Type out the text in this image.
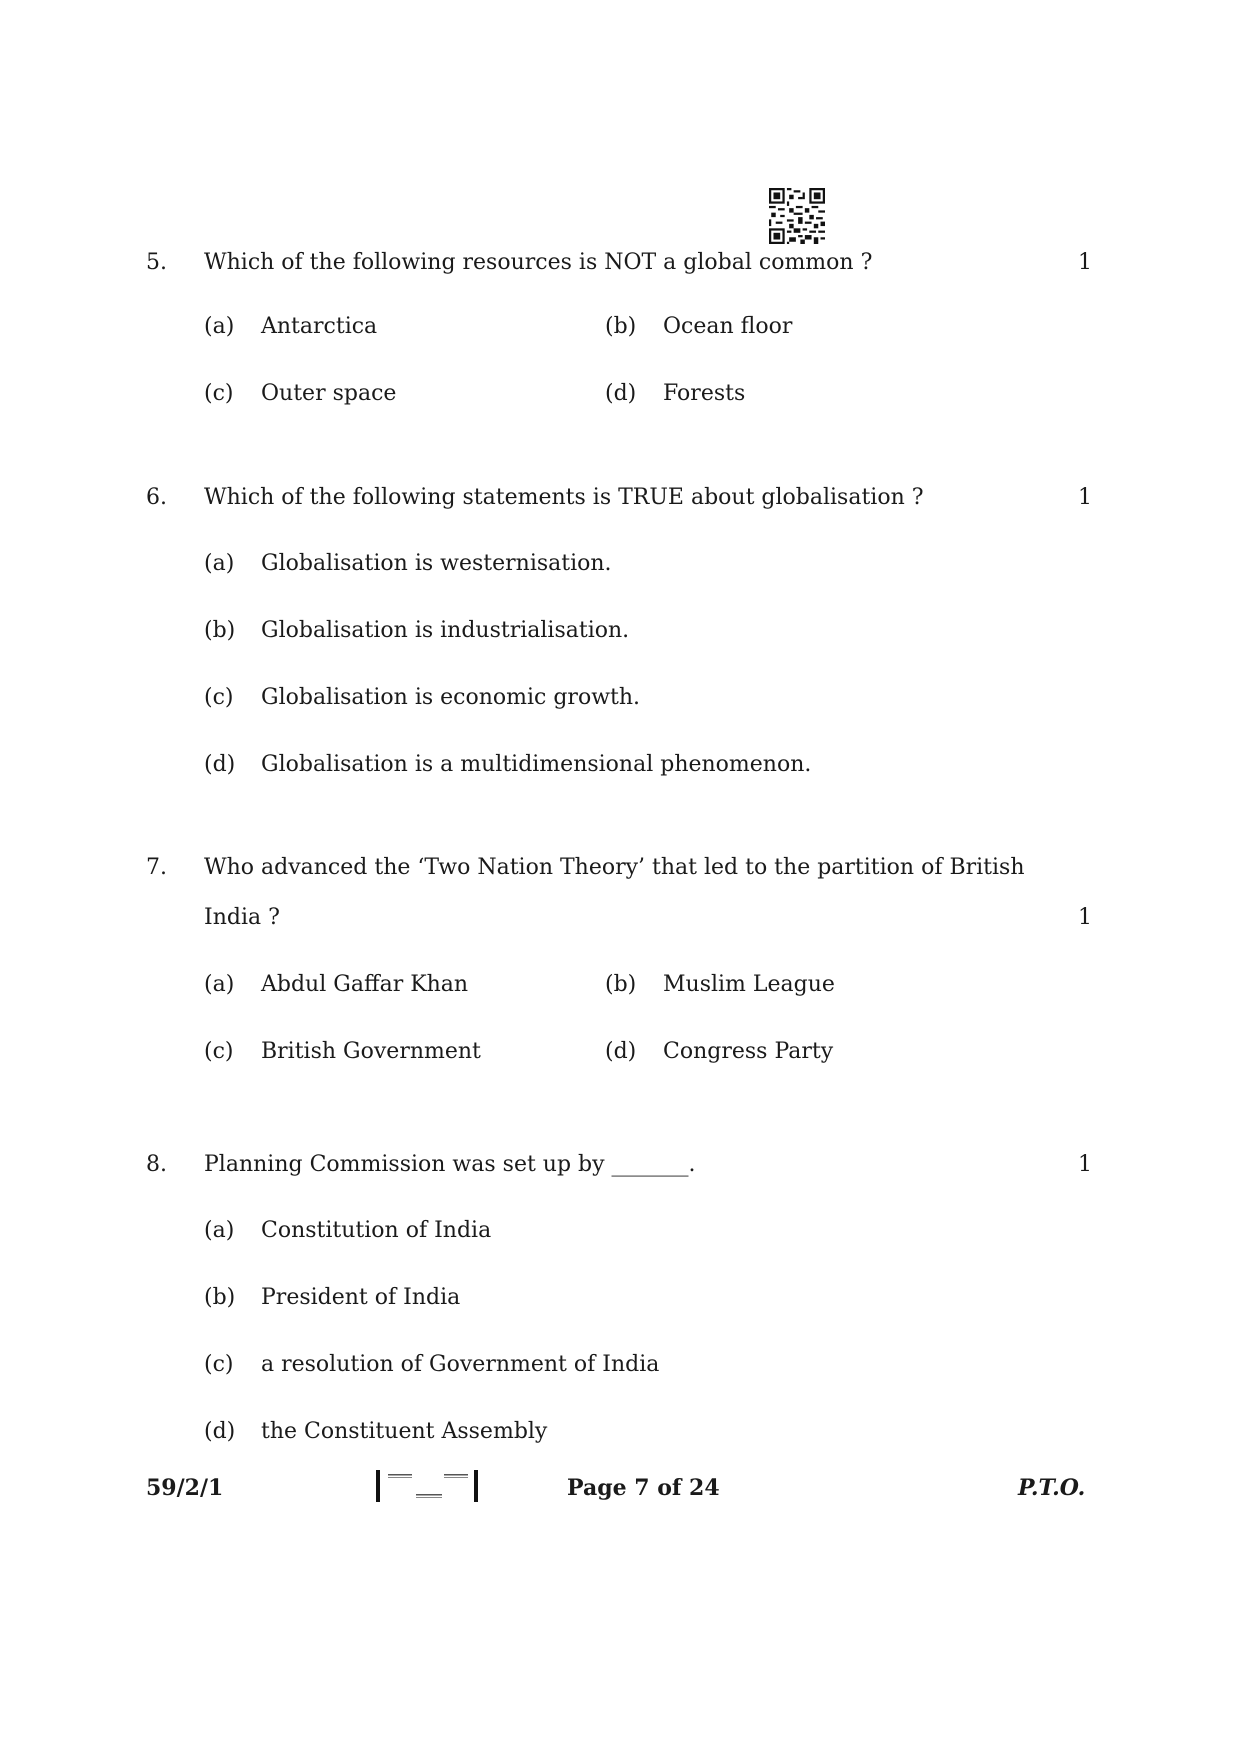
5. Which of the following resources is NOT a global common ?	1
(a) Antarctica	(b) Ocean floor
(c) Outer space	(d) Forests
6. Which of the following statements is TRUE about globalisation ?	1
(a) Globalisation is westernisation.
(b) Globalisation is industrialisation.
(c) Globalisation is economic growth.
(d) Globalisation is a multidimensional phenomenon.
7. Who advanced the ‘Two Nation Theory’ that led to the partition of British
India ?	1
(a) Abdul Gaffar Khan	(b) Muslim League
(c) British Government	(d) Congress Party
8. Planning Commission was set up by _______.	1
(a) Constitution of India
(b) President of India
(c) a resolution of Government of India
(d) the Constituent Assembly
59/2/1	Page 7 of 24	P.T.O.
